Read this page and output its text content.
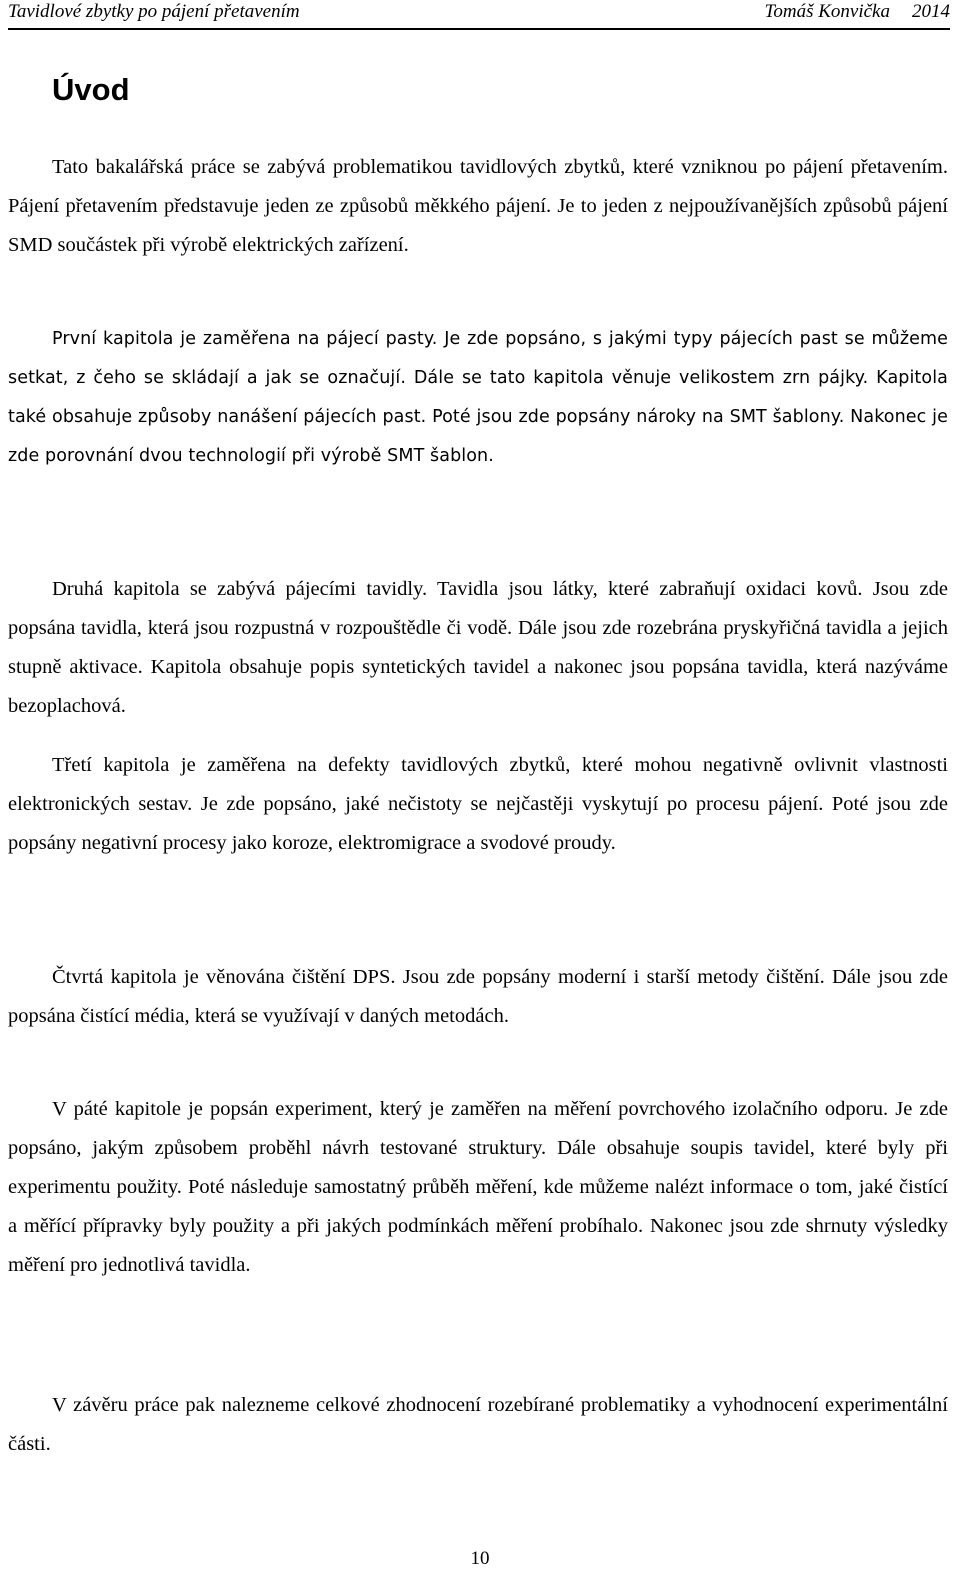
Tavidlové zbytky po pájení přetavením	Tomáš Konvička 2014
Úvod

Tato bakalářská práce se zabývá problematikou tavidlových zbytků, které vzniknou po pájení přetavením. Pájení přetavením představuje jeden ze způsobů měkkého pájení. Je to jeden z nejpoužívanějších způsobů pájení SMD součástek při výrobě elektrických zařízení.

První kapitola je zaměřena na pájecí pasty. Je zde popsáno, s jakými typy pájecích past se můžeme setkat, z čeho se skládají a jak se označují. Dále se tato kapitola věnuje velikostem zrn pájky. Kapitola také obsahuje způsoby nanášení pájecích past. Poté jsou zde popsány nároky na SMT šablony. Nakonec je zde porovnání dvou technologií při výrobě SMT šablon.

Druhá kapitola se zabývá pájecími tavidly. Tavidla jsou látky, které zabraňují oxidaci kovů. Jsou zde popsána tavidla, která jsou rozpustná v rozpouštědle či vodě. Dále jsou zde rozebrána pryskyřičná tavidla a jejich stupně aktivace. Kapitola obsahuje popis syntetických tavidel a nakonec jsou popsána tavidla, která nazýváme bezoplachová.

Třetí kapitola je zaměřena na defekty tavidlových zbytků, které mohou negativně ovlivnit vlastnosti elektronických sestav. Je zde popsáno, jaké nečistoty se nejčastěji vyskytují po procesu pájení. Poté jsou zde popsány negativní procesy jako koroze, elektromigrace a svodové proudy.

Čtvrtá kapitola je věnována čištění DPS. Jsou zde popsány moderní i starší metody čištění. Dále jsou zde popsána čistící média, která se využívají v daných metodách.

V páté kapitole je popsán experiment, který je zaměřen na měření povrchového izolačního odporu. Je zde popsáno, jakým způsobem proběhl návrh testované struktury. Dále obsahuje soupis tavidel, které byly při experimentu použity. Poté následuje samostatný průběh měření, kde můžeme nalézt informace o tom, jaké čistící a měřící přípravky byly použity a při jakých podmínkách měření probíhalo. Nakonec jsou zde shrnuty výsledky měření pro jednotlivá tavidla.

V závěru práce pak nalezneme celkové zhodnocení rozebírané problematiky a vyhodnocení experimentální části.

10
